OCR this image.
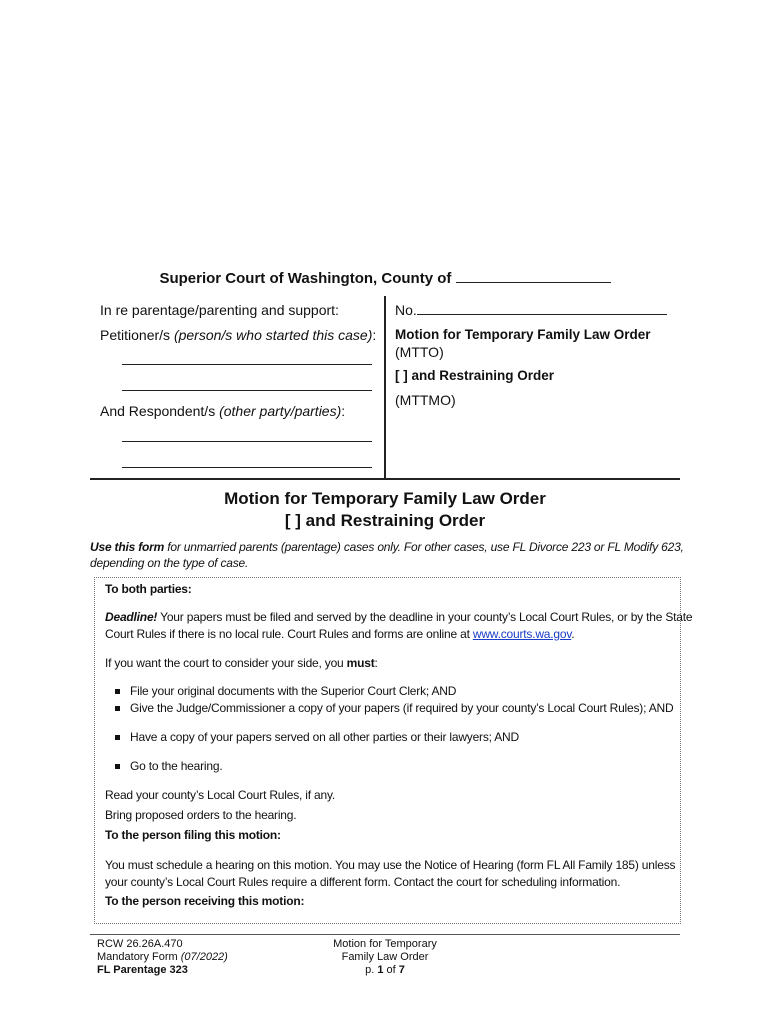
Superior Court of Washington, County of
In re parentage/parenting and support:
Petitioner/s (person/s who started this case):
And Respondent/s (other party/parties):
No.
Motion for Temporary Family Law Order
(MTTO)
[ ] and Restraining Order
(MTTMO)
Motion for Temporary Family Law Order
[ ] and Restraining Order
Use this form for unmarried parents (parentage) cases only. For other cases, use FL Divorce 223 or FL Modify 623, depending on the type of case.
To both parties:
Deadline! Your papers must be filed and served by the deadline in your county’s Local Court Rules, or by the State
Court Rules if there is no local rule. Court Rules and forms are online at www.courts.wa.gov.
If you want the court to consider your side, you must:
File your original documents with the Superior Court Clerk; AND
Give the Judge/Commissioner a copy of your papers (if required by your county’s Local Court Rules); AND
Have a copy of your papers served on all other parties or their lawyers; AND
Go to the hearing.
Read your county’s Local Court Rules, if any.
Bring proposed orders to the hearing.
To the person filing this motion:
You must schedule a hearing on this motion. You may use the Notice of Hearing (form FL All Family 185) unless
your county’s Local Court Rules require a different form. Contact the court for scheduling information.
To the person receiving this motion:
RCW 26.26A.470
Mandatory Form (07/2022)
FL Parentage 323
Motion for Temporary
Family Law Order
p. 1 of 7
